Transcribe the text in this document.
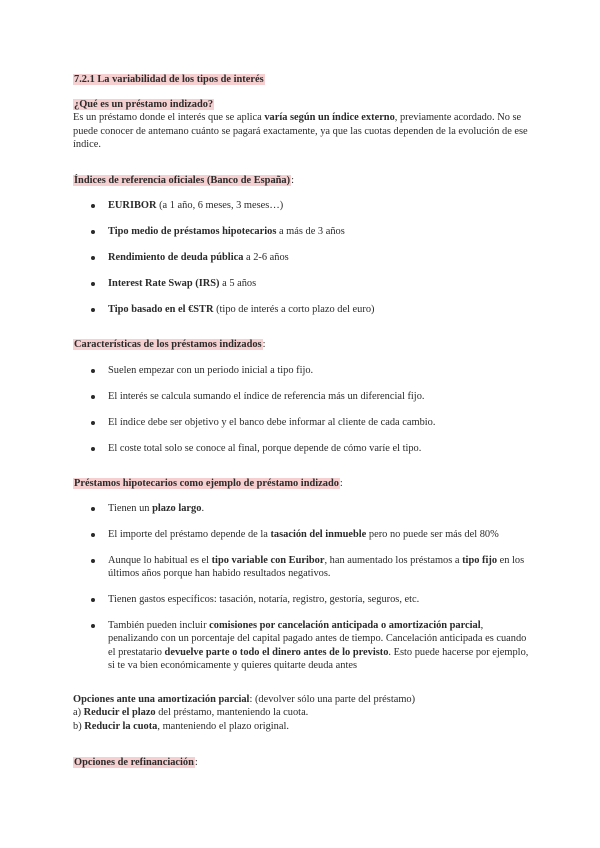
7.2.1 La variabilidad de los tipos de interés

¿Qué es un préstamo indizado?

Es un préstamo donde el interés que se aplica varía según un índice externo, previamente acordado. No se puede conocer de antemano cuánto se pagará exactamente, ya que las cuotas dependen de la evolución de ese índice.

Índices de referencia oficiales (Banco de España):
EURIBOR (a 1 año, 6 meses, 3 meses…)
Tipo medio de préstamos hipotecarios a más de 3 años
Rendimiento de deuda pública a 2-6 años
Interest Rate Swap (IRS) a 5 años
Tipo basado en el €STR (tipo de interés a corto plazo del euro)
Características de los préstamos indizados:
Suelen empezar con un periodo inicial a tipo fijo.
El interés se calcula sumando el índice de referencia más un diferencial fijo.
El índice debe ser objetivo y el banco debe informar al cliente de cada cambio.
El coste total solo se conoce al final, porque depende de cómo varíe el tipo.
Préstamos hipotecarios como ejemplo de préstamo indizado:
Tienen un plazo largo.
El importe del préstamo depende de la tasación del inmueble pero no puede ser más del 80%
Aunque lo habitual es el tipo variable con Euribor, han aumentado los préstamos a tipo fijo en los últimos años porque han habido resultados negativos.
Tienen gastos específicos: tasación, notaría, registro, gestoría, seguros, etc.
También pueden incluir comisiones por cancelación anticipada o amortización parcial, penalizando con un porcentaje del capital pagado antes de tiempo. Cancelación anticipada es cuando el prestatario devuelve parte o todo el dinero antes de lo previsto. Esto puede hacerse por ejemplo, si te va bien económicamente y quieres quitarte deuda antes

Opciones ante una amortización parcial: (devolver sólo una parte del préstamo)

a) Reducir el plazo del préstamo, manteniendo la cuota.

b) Reducir la cuota, manteniendo el plazo original.

Opciones de refinanciación:
